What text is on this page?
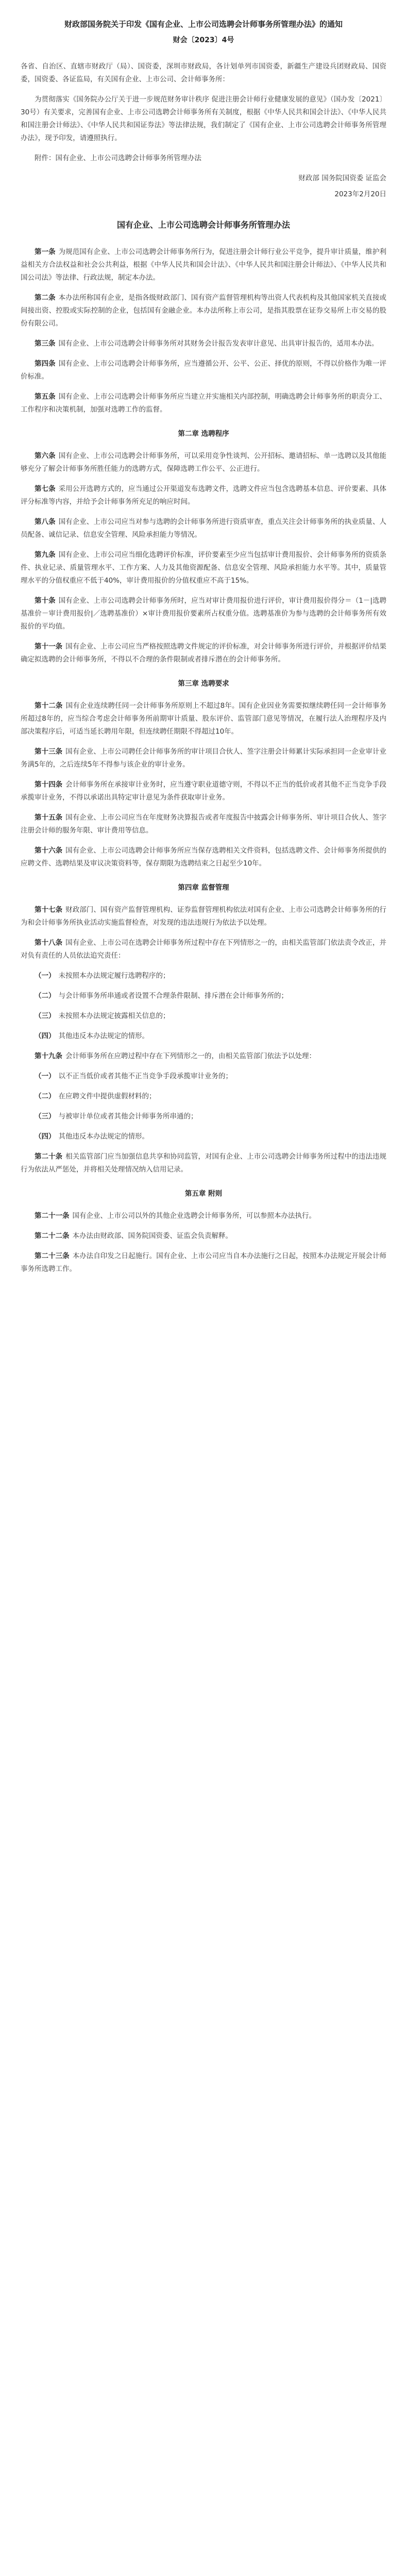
财政部国务院关于印发《国有企业、上市公司选聘会计师事务所管理办法》的通知
财会〔2023〕4号

各省、自治区、直辖市财政厅（局）、国资委，深圳市财政局，各计划单列市国资委，新疆生产建设兵团财政局、国资委，国资委、各证监局，有关国有企业、上市公司、会计师事务所：

为贯彻落实《国务院办公厅关于进一步规范财务审计秩序 促进注册会计师行业健康发展的意见》（国办发〔2021〕30号）有关要求，完善国有企业、上市公司选聘会计师事务所有关制度，根据《中华人民共和国会计法》、《中华人民共和国注册会计师法》、《中华人民共和国证券法》等法律法规，我们制定了《国有企业、上市公司选聘会计师事务所管理办法》，现予印发，请遵照执行。

附件：国有企业、上市公司选聘会计师事务所管理办法

财政部 国务院国资委 证监会
2023年2月20日
国有企业、上市公司选聘会计师事务所管理办法

第一条 为规范国有企业、上市公司选聘会计师事务所行为，促进注册会计师行业公平竞争，提升审计质量，维护利益相关方合法权益和社会公共利益，根据《中华人民共和国会计法》、《中华人民共和国注册会计师法》、《中华人民共和国公司法》等法律、行政法规，制定本办法。

第二条 本办法所称国有企业，是指各级财政部门、国有资产监督管理机构等出资人代表机构及其他国家机关直接或间接出资、控股或实际控制的企业，包括国有金融企业。本办法所称上市公司，是指其股票在证券交易所上市交易的股份有限公司。

第三条 国有企业、上市公司选聘会计师事务所对其财务会计报告发表审计意见、出具审计报告的，适用本办法。

第四条 国有企业、上市公司选聘会计师事务所，应当遵循公开、公平、公正、择优的原则，不得以价格作为唯一评价标准。

第五条 国有企业、上市公司选聘会计师事务所应当建立并实施相关内部控制，明确选聘会计师事务所的职责分工、工作程序和决策机制，加强对选聘工作的监督。

第二章 选聘程序

第六条 国有企业、上市公司选聘会计师事务所，可以采用竞争性谈判、公开招标、邀请招标、单一选聘以及其他能够充分了解会计师事务所胜任能力的选聘方式，保障选聘工作公平、公正进行。

第七条 采用公开选聘方式的，应当通过公开渠道发布选聘文件，选聘文件应当包含选聘基本信息、评价要素、具体评分标准等内容，并给予会计师事务所充足的响应时间。

第八条 国有企业、上市公司应当对参与选聘的会计师事务所进行资质审查，重点关注会计师事务所的执业质量、人员配备、诚信记录、信息安全管理、风险承担能力等情况。

第九条 国有企业、上市公司应当细化选聘评价标准，评价要素至少应当包括审计费用报价、会计师事务所的资质条件、执业记录、质量管理水平、工作方案、人力及其他资源配备、信息安全管理、风险承担能力水平等。其中，质量管理水平的分值权重应不低于40%，审计费用报价的分值权重应不高于15%。

第十条 国有企业、上市公司选聘会计师事务所时，应当对审计费用报价进行评价，审计费用报价得分＝（1－|选聘基准价－审计费用报价|／选聘基准价）×审计费用报价要素所占权重分值。选聘基准价为参与选聘的会计师事务所有效报价的平均值。

第十一条 国有企业、上市公司应当严格按照选聘文件规定的评价标准，对会计师事务所进行评价，并根据评价结果确定拟选聘的会计师事务所，不得以不合理的条件限制或者排斥潜在的会计师事务所。

第三章 选聘要求

第十二条 国有企业连续聘任同一会计师事务所原则上不超过8年。国有企业因业务需要拟继续聘任同一会计师事务所超过8年的，应当综合考虑会计师事务所前期审计质量、股东评价、监管部门意见等情况，在履行法人治理程序及内部决策程序后，可适当延长聘用年限，但连续聘任期限不得超过10年。

第十三条 国有企业、上市公司聘任会计师事务所的审计项目合伙人、签字注册会计师累计实际承担同一企业审计业务满5年的，之后连续5年不得参与该企业的审计业务。

第十四条 会计师事务所在承接审计业务时，应当遵守职业道德守则，不得以不正当的低价或者其他不正当竞争手段承揽审计业务，不得以承诺出具特定审计意见为条件获取审计业务。

第十五条 国有企业、上市公司应当在年度财务决算报告或者年度报告中披露会计师事务所、审计项目合伙人、签字注册会计师的服务年限、审计费用等信息。

第十六条 国有企业、上市公司选聘会计师事务所应当保存选聘相关文件资料，包括选聘文件、会计师事务所提供的应聘文件、选聘结果及审议决策资料等，保存期限为选聘结束之日起至少10年。

第四章 监督管理

第十七条 财政部门、国有资产监督管理机构、证券监督管理机构依法对国有企业、上市公司选聘会计师事务所的行为和会计师事务所执业活动实施监督检查，对发现的违法违规行为依法予以处理。

第十八条 国有企业、上市公司在选聘会计师事务所过程中存在下列情形之一的，由相关监管部门依法责令改正，并对负有责任的人员依法追究责任：

（一） 未按照本办法规定履行选聘程序的；

（二） 与会计师事务所串通或者设置不合理条件限制、排斥潜在会计师事务所的；

（三） 未按照本办法规定披露相关信息的；

（四） 其他违反本办法规定的情形。

第十九条 会计师事务所在应聘过程中存在下列情形之一的，由相关监管部门依法予以处理：

（一） 以不正当低价或者其他不正当竞争手段承揽审计业务的；

（二） 在应聘文件中提供虚假材料的；

（三） 与被审计单位或者其他会计师事务所串通的；

（四） 其他违反本办法规定的情形。

第二十条 相关监管部门应当加强信息共享和协同监管，对国有企业、上市公司选聘会计师事务所过程中的违法违规行为依法从严惩处，并将相关处理情况纳入信用记录。

第五章 附则

第二十一条 国有企业、上市公司以外的其他企业选聘会计师事务所，可以参照本办法执行。

第二十二条 本办法由财政部、国务院国资委、证监会负责解释。

第二十三条 本办法自印发之日起施行。国有企业、上市公司应当自本办法施行之日起，按照本办法规定开展会计师事务所选聘工作。
